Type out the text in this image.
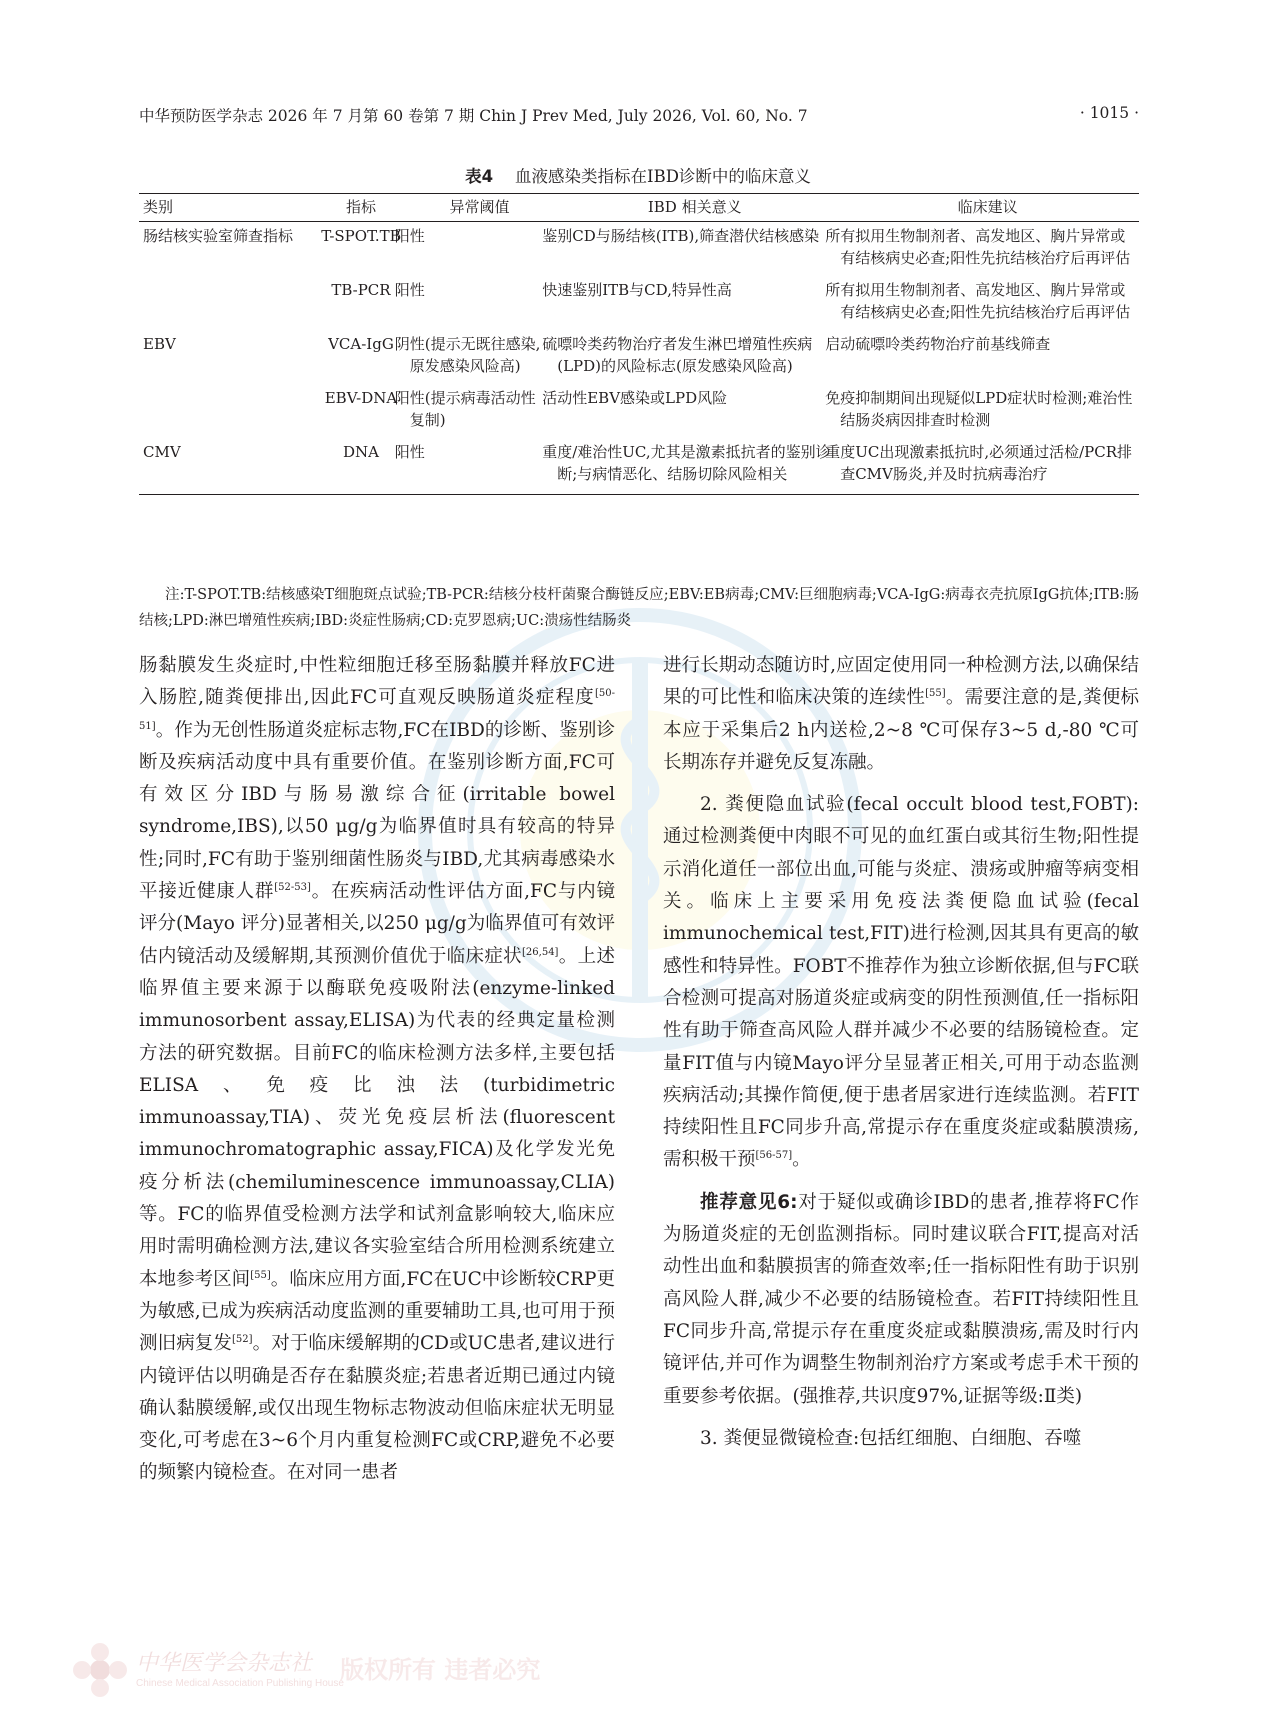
中华预防医学杂志 2026 年 7 月第 60 卷第 7 期 Chin J Prev Med, July 2026, Vol. 60, No. 7	· 1015 ·
表4 血液感染类指标在IBD诊断中的临床意义
类别	指标	异常阈值	IBD 相关意义	临床建议
肠结核实验室筛查指标	T-SPOT.TB	阳性	鉴别CD与肠结核(ITB),筛查潜伏结核感染	所有拟用生物制剂者、高发地区、胸片异常或有结核病史必查;阳性先抗结核治疗后再评估
	TB-PCR	阳性	快速鉴别ITB与CD,特异性高	所有拟用生物制剂者、高发地区、胸片异常或有结核病史必查;阳性先抗结核治疗后再评估
EBV	VCA-IgG	阴性(提示无既往感染,原发感染风险高)	硫嘌呤类药物治疗者发生淋巴增殖性疾病(LPD)的风险标志(原发感染风险高)	启动硫嘌呤类药物治疗前基线筛查
	EBV-DNA	阳性(提示病毒活动性复制)	活动性EBV感染或LPD风险	免疫抑制期间出现疑似LPD症状时检测;难治性结肠炎病因排查时检测
CMV	DNA	阳性	重度/难治性UC,尤其是激素抵抗者的鉴别诊断;与病情恶化、结肠切除风险相关	重度UC出现激素抵抗时,必须通过活检/PCR排查CMV肠炎,并及时抗病毒治疗
注:T-SPOT.TB:结核感染T细胞斑点试验;TB-PCR:结核分枝杆菌聚合酶链反应;EBV:EB病毒;CMV:巨细胞病毒;VCA-IgG:病毒衣壳抗原IgG抗体;ITB:肠结核;LPD:淋巴增殖性疾病;IBD:炎症性肠病;CD:克罗恩病;UC:溃疡性结肠炎

肠黏膜发生炎症时,中性粒细胞迁移至肠黏膜并释放FC进入肠腔,随粪便排出,因此FC可直观反映肠道炎症程度[50-51]。作为无创性肠道炎症标志物,FC在IBD的诊断、鉴别诊断及疾病活动度中具有重要价值。在鉴别诊断方面,FC可有效区分IBD与肠易激综合征(irritable bowel syndrome,IBS),以50 μg/g为临界值时具有较高的特异性;同时,FC有助于鉴别细菌性肠炎与IBD,尤其病毒感染水平接近健康人群[52-53]。在疾病活动性评估方面,FC与内镜评分(Mayo 评分)显著相关,以250 μg/g为临界值可有效评估内镜活动及缓解期,其预测价值优于临床症状[26,54]。上述临界值主要来源于以酶联免疫吸附法(enzyme-linked immunosorbent assay,ELISA)为代表的经典定量检测方法的研究数据。目前FC的临床检测方法多样,主要包括ELISA、免疫比浊法(turbidimetric immunoassay,TIA)、荧光免疫层析法(fluorescent immunochromatographic assay,FICA)及化学发光免疫分析法(chemiluminescence immunoassay,CLIA)等。FC的临界值受检测方法学和试剂盒影响较大,临床应用时需明确检测方法,建议各实验室结合所用检测系统建立本地参考区间[55]。临床应用方面,FC在UC中诊断较CRP更为敏感,已成为疾病活动度监测的重要辅助工具,也可用于预测旧病复发[52]。对于临床缓解期的CD或UC患者,建议进行内镜评估以明确是否存在黏膜炎症;若患者近期已通过内镜确认黏膜缓解,或仅出现生物标志物波动但临床症状无明显变化,可考虑在3~6个月内重复检测FC或CRP,避免不必要的频繁内镜检查。在对同一患者

进行长期动态随访时,应固定使用同一种检测方法,以确保结果的可比性和临床决策的连续性[55]。需要注意的是,粪便标本应于采集后2 h内送检,2~8 ℃可保存3~5 d,-80 ℃可长期冻存并避免反复冻融。

2. 粪便隐血试验(fecal occult blood test,FOBT):通过检测粪便中肉眼不可见的血红蛋白或其衍生物;阳性提示消化道任一部位出血,可能与炎症、溃疡或肿瘤等病变相关。临床上主要采用免疫法粪便隐血试验(fecal immunochemical test,FIT)进行检测,因其具有更高的敏感性和特异性。FOBT不推荐作为独立诊断依据,但与FC联合检测可提高对肠道炎症或病变的阴性预测值,任一指标阳性有助于筛查高风险人群并减少不必要的结肠镜检查。定量FIT值与内镜Mayo评分呈显著正相关,可用于动态监测疾病活动;其操作简便,便于患者居家进行连续监测。若FIT持续阳性且FC同步升高,常提示存在重度炎症或黏膜溃疡,需积极干预[56-57]。

推荐意见6:对于疑似或确诊IBD的患者,推荐将FC作为肠道炎症的无创监测指标。同时建议联合FIT,提高对活动性出血和黏膜损害的筛查效率;任一指标阳性有助于识别高风险人群,减少不必要的结肠镜检查。若FIT持续阳性且FC同步升高,常提示存在重度炎症或黏膜溃疡,需及时行内镜评估,并可作为调整生物制剂治疗方案或考虑手术干预的重要参考依据。(强推荐,共识度97%,证据等级:Ⅱ类)

3. 粪便显微镜检查:包括红细胞、白细胞、吞噬

中华医学会杂志社
Chinese Medical Association Publishing House
版权所有 违者必究
